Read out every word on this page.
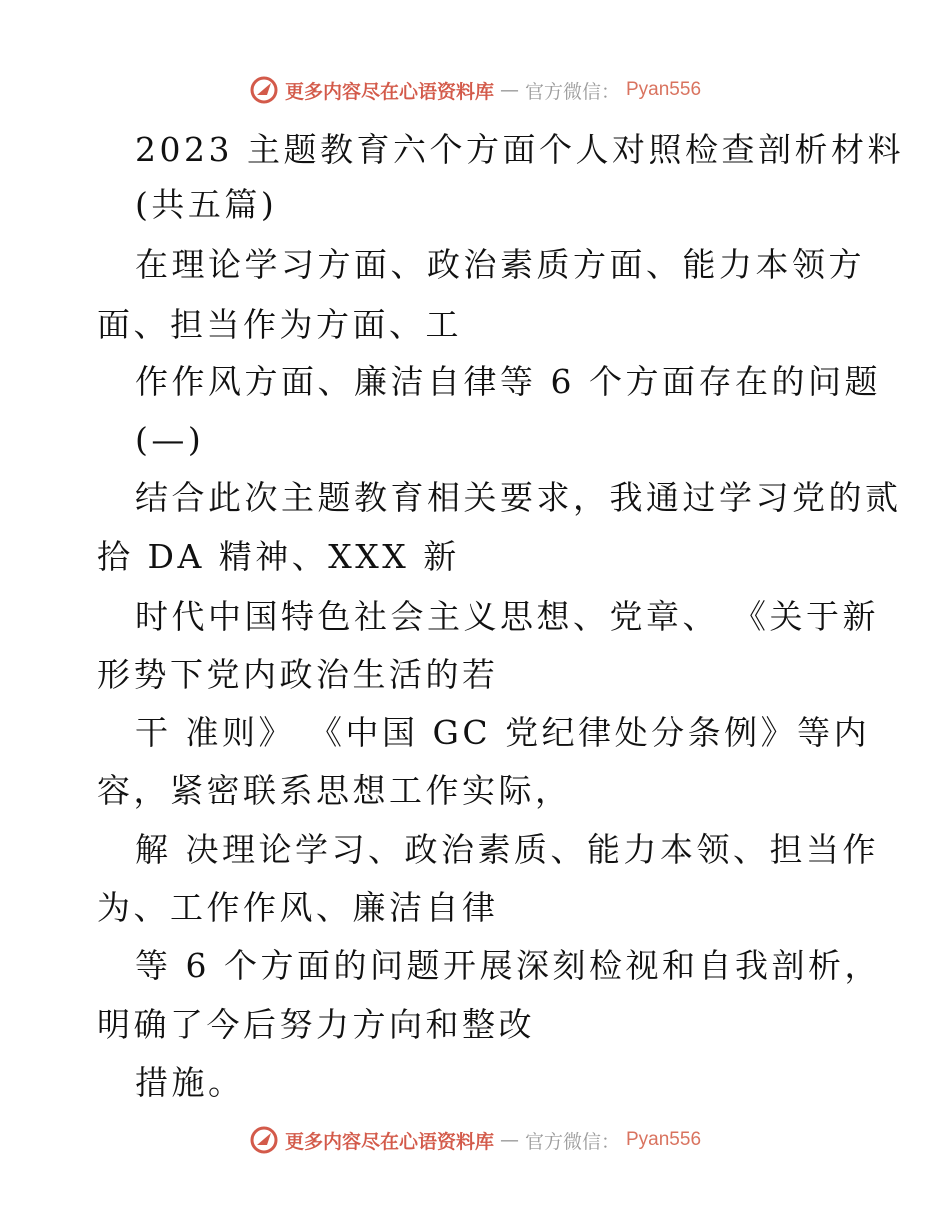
更多内容尽在心语资料库 — 官方微信： Pyan556
2023 主题教育六个方面个人对照检查剖析材料
(共五篇)
在理论学习方面、政治素质方面、能力本领方
面、担当作为方面、工
作作风方面、廉洁自律等 6 个方面存在的问题
(—)
结合此次主题教育相关要求，我通过学习党的贰
拾 DA 精神、XXX 新
时代中国特色社会主义思想、党章、 《关于新
形势下党内政治生活的若
干 准则》 《中国 GC 党纪律处分条例》等内
容，紧密联系思想工作实际，
解 决理论学习、政治素质、能力本领、担当作
为、工作作风、廉洁自律
等 6 个方面的问题开展深刻检视和自我剖析，
明确了今后努力方向和整改
措施。
更多内容尽在心语资料库 — 官方微信： Pyan556
